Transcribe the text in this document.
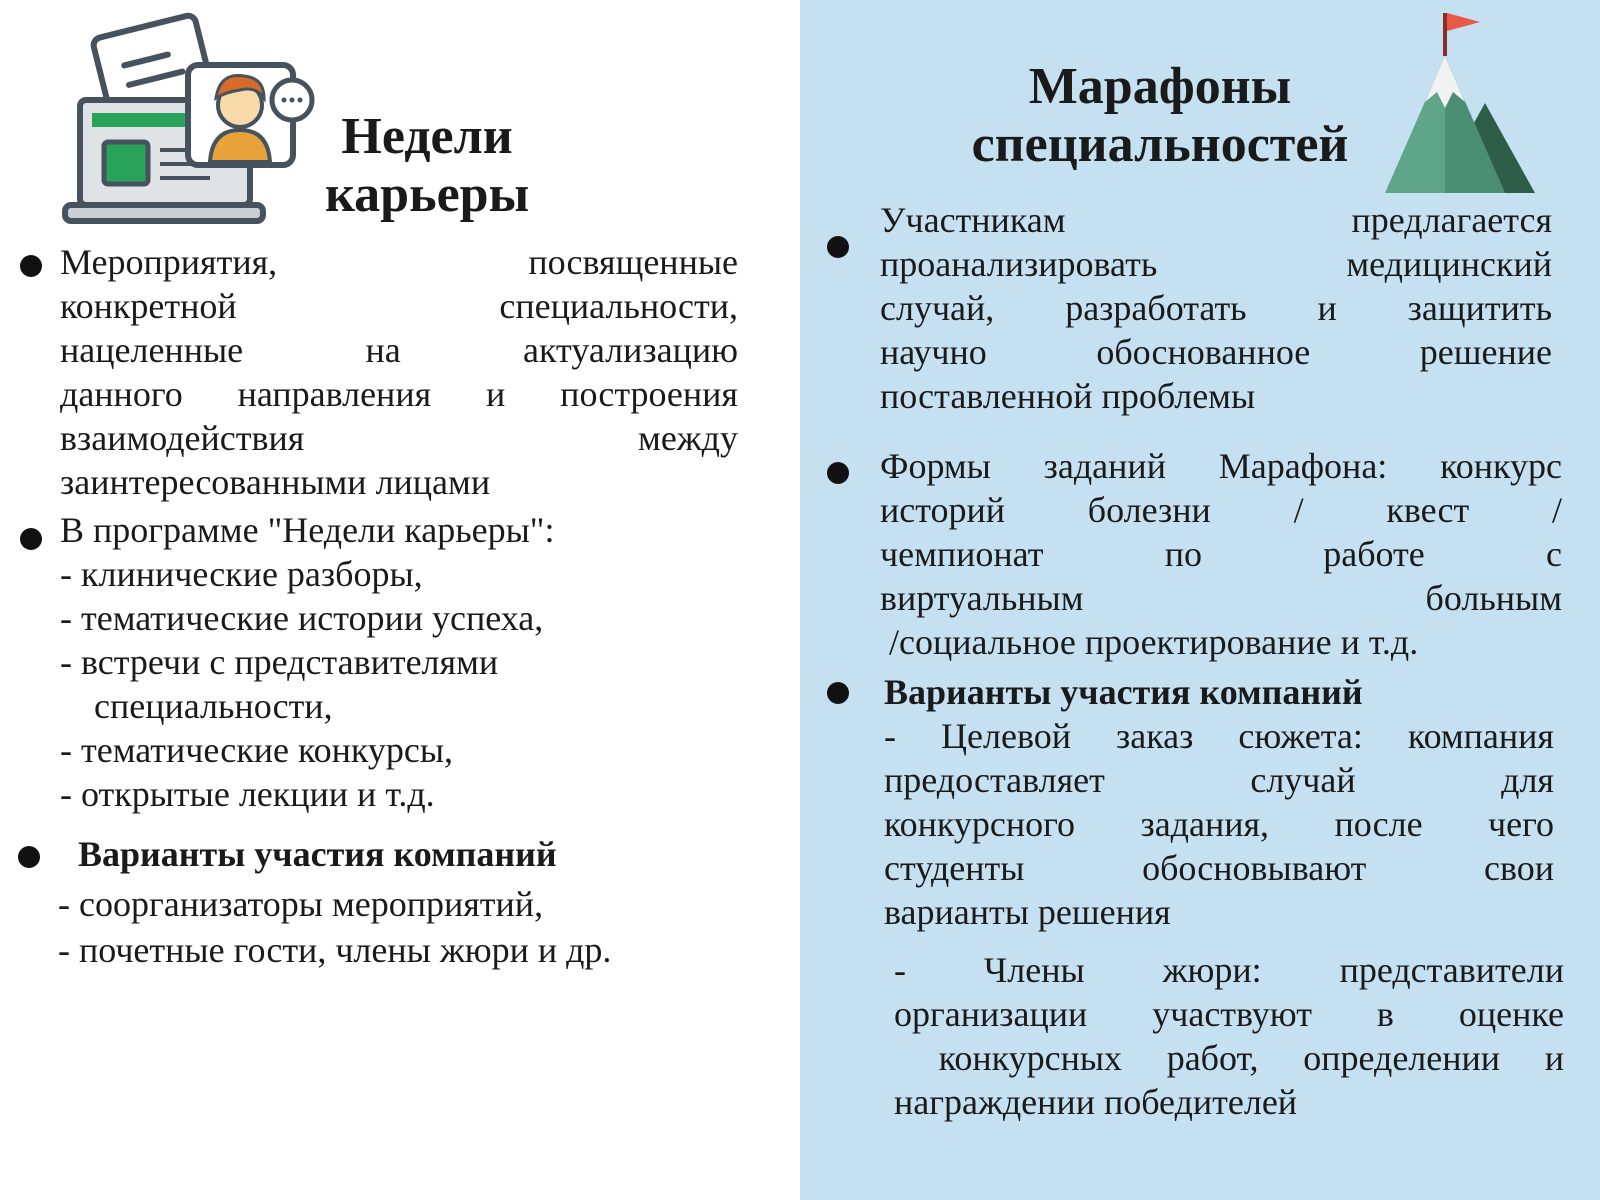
Недели
карьеры
Марафоны
специальностей
Мероприятия, посвященные
конкретной специальности,
нацеленные на актуализацию
данного направления и построения
взаимодействия между
заинтересованными лицами
В программе "Недели карьеры":
- клинические разборы,
- тематические истории успеха,
- встречи с представителями
специальности,
- тематические конкурсы,
- открытые лекции и т.д.
Варианты участия компаний
- соорганизаторы мероприятий,
- почетные гости, члены жюри и др.
Участникам предлагается
проанализировать медицинский
случай, разработать и защитить
научно обоснованное решение
поставленной проблемы
Формы заданий Марафона: конкурс
историй болезни / квест /
чемпионат по работе с
виртуальным больным
/социальное проектирование и т.д.
Варианты участия компаний
- Целевой заказ сюжета: компания
предоставляет случай для
конкурсного задания, после чего
студенты обосновывают свои
варианты решения
- Члены жюри: представители
организации участвуют в оценке
конкурсных работ, определении и
награждении победителей
